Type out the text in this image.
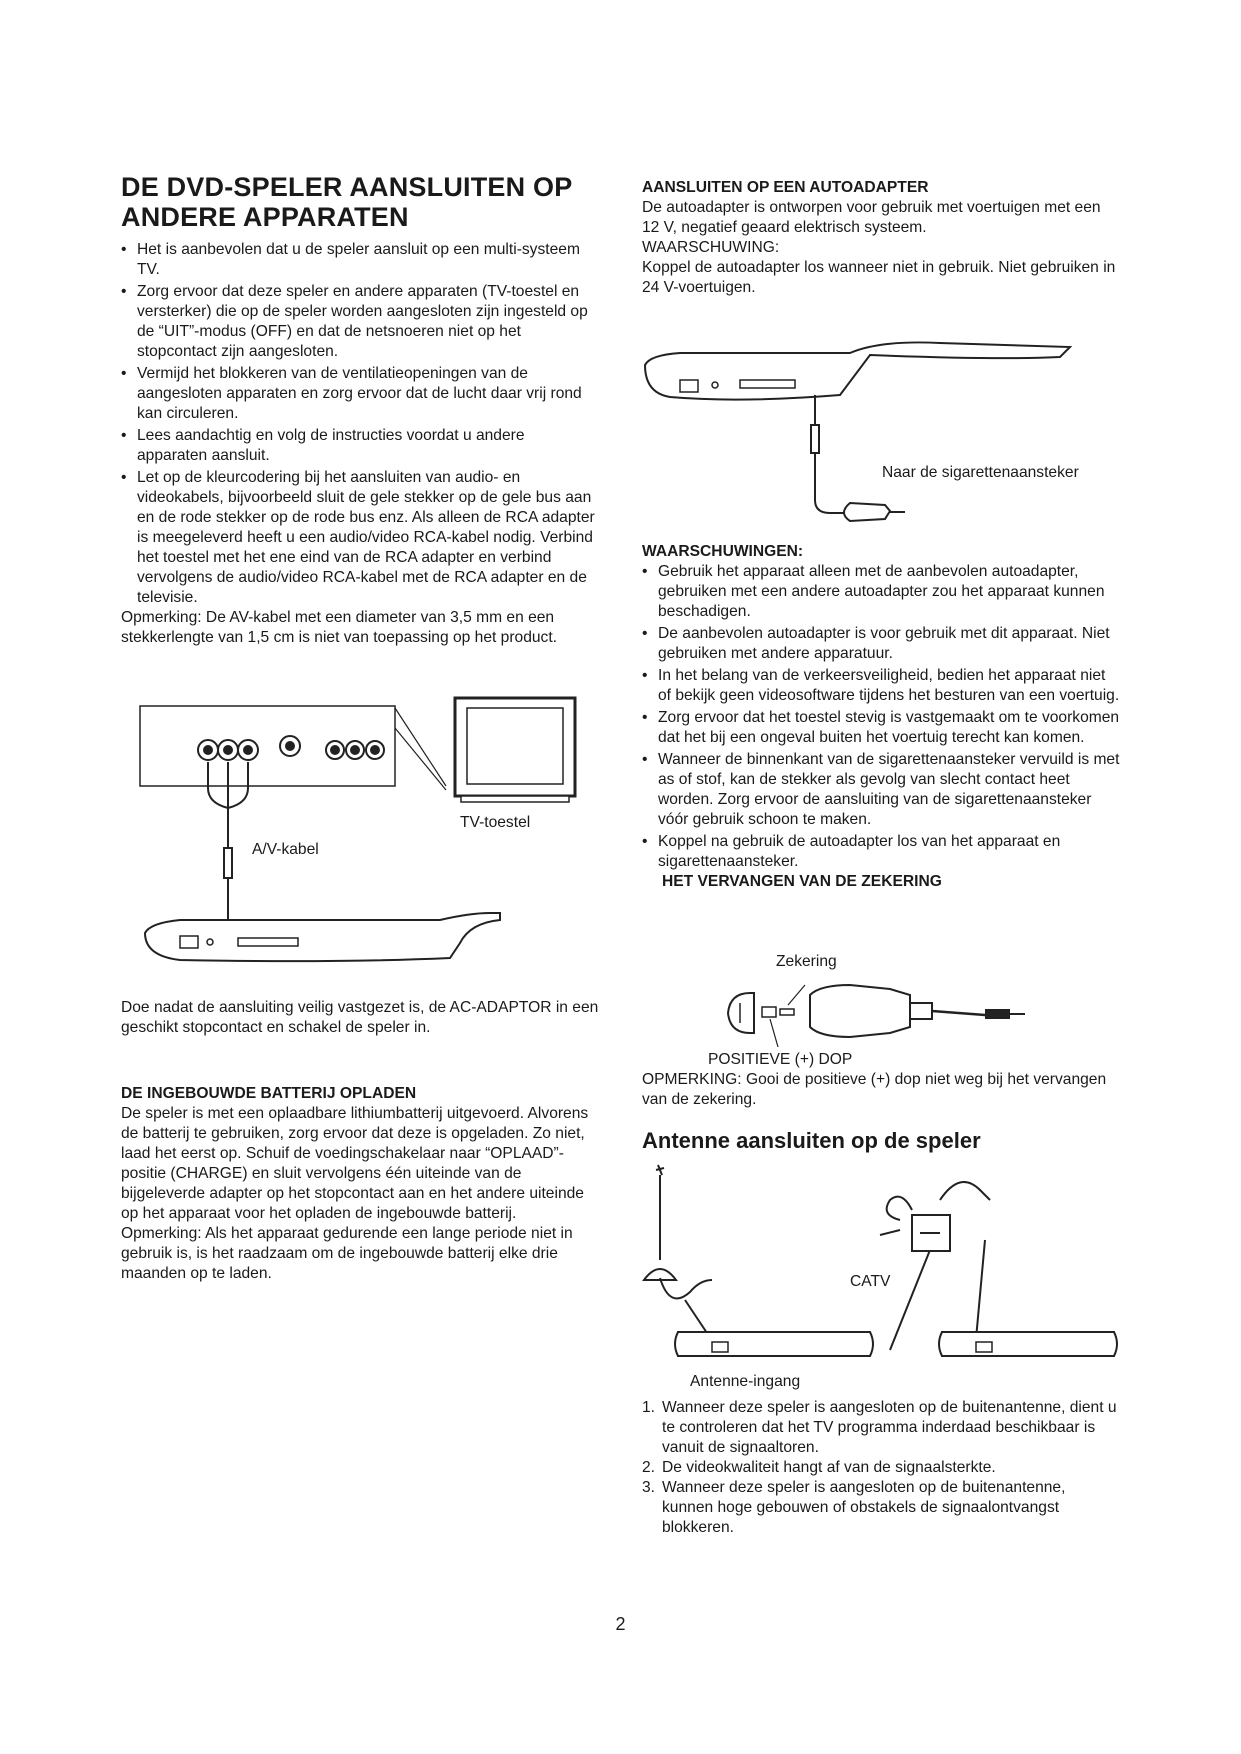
DE DVD-SPELER AANSLUITEN OP
ANDERE APPARATEN
• Het is aanbevolen dat u de speler aansluit op een multi-systeem TV.
• Zorg ervoor dat deze speler en andere apparaten (TV-toestel en versterker) die op de speler worden aangesloten zijn ingesteld op de “UIT”-modus (OFF) en dat de netsnoeren niet op het stopcontact zijn aangesloten.
• Vermijd het blokkeren van de ventilatieopeningen van de aangesloten apparaten en zorg ervoor dat de lucht daar vrij rond kan circuleren.
• Lees aandachtig en volg de instructies voordat u andere apparaten aansluit.
• Let op de kleurcodering bij het aansluiten van audio- en videokabels, bijvoorbeeld sluit de gele stekker op de gele bus aan en de rode stekker op de rode bus enz. Als alleen de RCA adapter is meegeleverd heeft u een audio/video RCA-kabel nodig. Verbind het toestel met het ene eind van de RCA adapter en verbind vervolgens de audio/video RCA-kabel met de RCA adapter en de televisie.
Opmerking: De AV-kabel met een diameter van 3,5 mm en een stekkerlengte van 1,5 cm is niet van toepassing op het product.
TV-toestel
A/V-kabel
Doe nadat de aansluiting veilig vastgezet is, de AC-ADAPTOR in een geschikt stopcontact en schakel de speler in.
DE INGEBOUWDE BATTERIJ OPLADEN
De speler is met een oplaadbare lithiumbatterij uitgevoerd. Alvorens de batterij te gebruiken, zorg ervoor dat deze is opgeladen. Zo niet, laad het eerst op. Schuif de voedingschakelaar naar “OPLAAD”-positie (CHARGE) en sluit vervolgens één uiteinde van de bijgeleverde adapter op het stopcontact aan en het andere uiteinde op het apparaat voor het opladen de ingebouwde batterij.
Opmerking: Als het apparaat gedurende een lange periode niet in gebruik is, is het raadzaam om de ingebouwde batterij elke drie maanden op te laden.
AANSLUITEN OP EEN AUTOADAPTER
De autoadapter is ontworpen voor gebruik met voertuigen met een 12 V, negatief geaard elektrisch systeem.
WAARSCHUWING:
Koppel de autoadapter los wanneer niet in gebruik. Niet gebruiken in 24 V-voertuigen.
Naar de sigarettenaansteker
WAARSCHUWINGEN:
• Gebruik het apparaat alleen met de aanbevolen autoadapter, gebruiken met een andere autoadapter zou het apparaat kunnen beschadigen.
• De aanbevolen autoadapter is voor gebruik met dit apparaat. Niet gebruiken met andere apparatuur.
• In het belang van de verkeersveiligheid, bedien het apparaat niet of bekijk geen videosoftware tijdens het besturen van een voertuig.
• Zorg ervoor dat het toestel stevig is vastgemaakt om te voorkomen dat het bij een ongeval buiten het voertuig terecht kan komen.
• Wanneer de binnenkant van de sigarettenaansteker vervuild is met as of stof, kan de stekker als gevolg van slecht contact heet worden. Zorg ervoor de aansluiting van de sigarettenaansteker vóór gebruik schoon te maken.
• Koppel na gebruik de autoadapter los van het apparaat en sigarettenaansteker.
HET VERVANGEN VAN DE ZEKERING
Zekering
POSITIEVE (+) DOP
OPMERKING: Gooi de positieve (+) dop niet weg bij het vervangen van de zekering.
Antenne aansluiten op de speler
CATV
Antenne-ingang
1. Wanneer deze speler is aangesloten op de buitenantenne, dient u te controleren dat het TV programma inderdaad beschikbaar is vanuit de signaaltoren.
2. De videokwaliteit hangt af van de signaalsterkte.
3. Wanneer deze speler is aangesloten op de buitenantenne, kunnen hoge gebouwen of obstakels de signaalontvangst blokkeren.
2
